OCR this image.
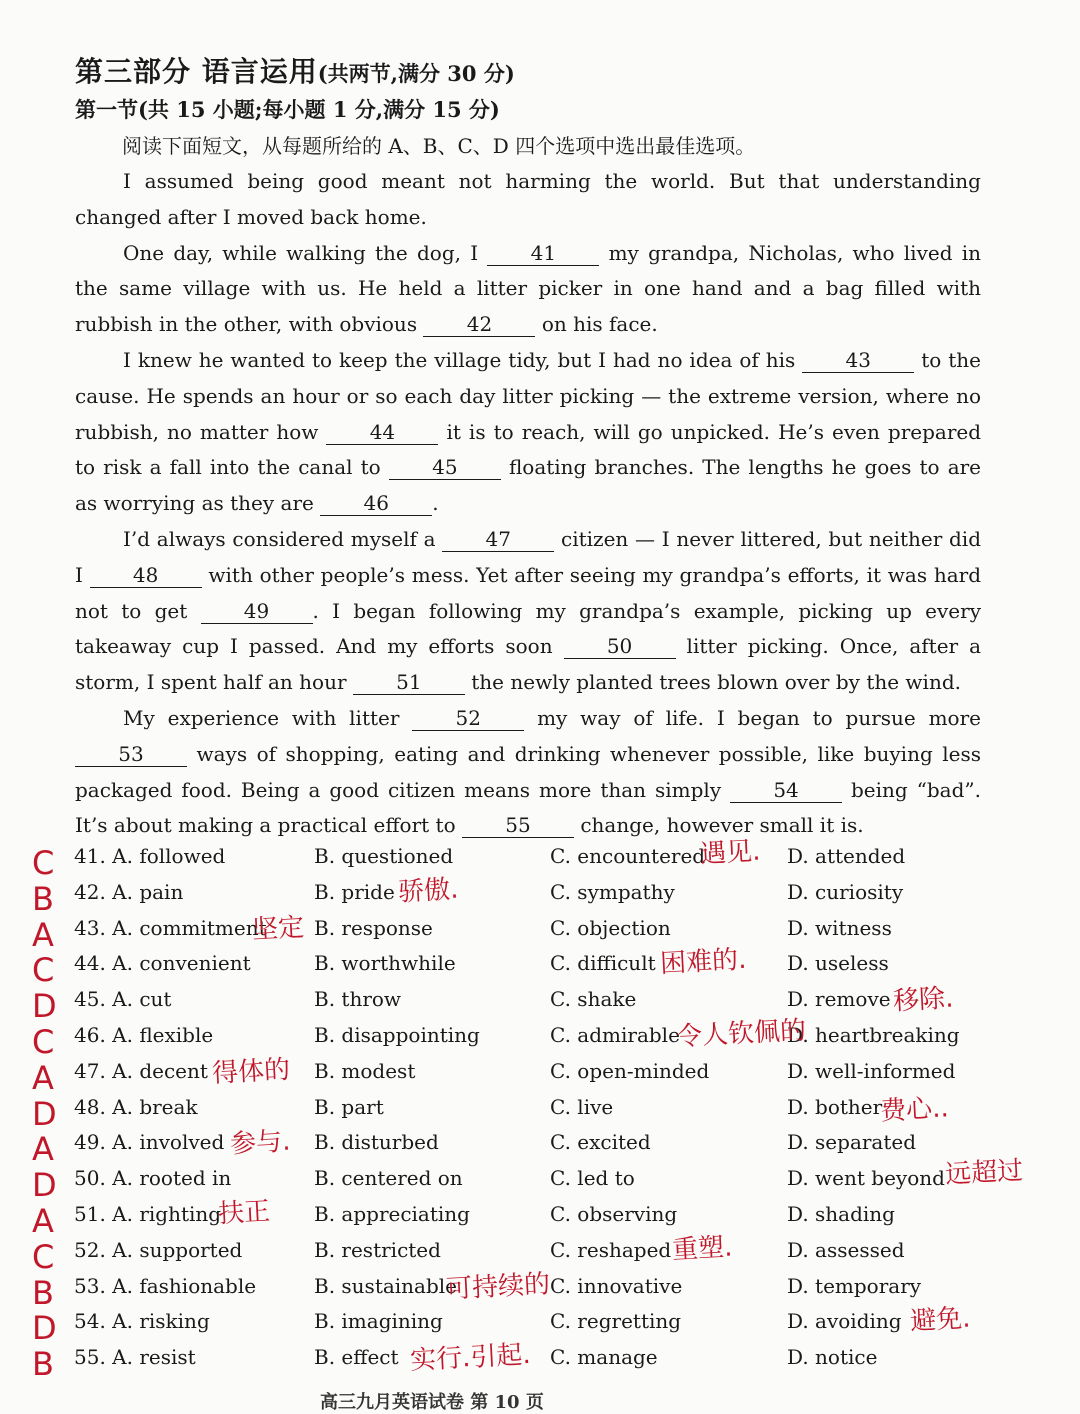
第三部分 语言运用(共两节,满分 30 分)
第一节(共 15 小题;每小题 1 分,满分 15 分)
阅读下面短文，从每题所给的 A、B、C、D 四个选项中选出最佳选项。

I assumed being good meant not harming the world. But that understanding changed after I moved back home.

One day, while walking the dog, I	41	my grandpa, Nicholas, who lived in the same village with us. He held a litter picker in one hand and a bag filled with rubbish in the other, with obvious 42 on his face.

I knew he wanted to keep the village tidy, but I had no idea of his	43	to the cause. He spends an hour or so each day litter picking — the extreme version, where no rubbish, no matter how	44	it is to reach, will go unpicked. He’s even prepared to risk a fall into the canal to	45	floating branches. The lengths he goes to are as worrying as they are 46 .

I’d always considered myself a 47	citizen — I never littered, but neither did I	48	with other people’s mess. Yet after seeing my grandpa’s efforts, it was hard not to get	49 . I began following my grandpa’s example, picking up every takeaway cup I passed. And my efforts soon	50	litter picking. Once, after a storm, I spent half an hour 51 the newly planted trees blown over by the wind.

My experience with litter	52	my way of life. I began to pursue more 53	ways of shopping, eating and drinking whenever possible, like buying less packaged food. Being a good citizen means more than simply	54	being “bad”. It’s about making a practical effort to 55 change, however small it is.

C 41. A. followed	B. questioned	C. encountered	D. attended
遇见.
B 42. A. pain	B. pride	C. sympathy	D. curiosity
骄傲.
A 43. A. commitment B. response	C. objection	D. witness
坚定
C 44. A. convenient	B. worthwhile	C. difficult	D. useless
困难的.
D 45. A. cut	B. throw	C. shake	D. remove 移除.
C 46. A. flexible	B. disappointing	C. admirable	D. heartbreaking
令人钦佩的
A 47. A. decent	B. modest	C. open-minded	D. well-informed
得体的
D 48. A. break	B. part	C. live	D. bother
费心..
A 49. A. involved	B. disturbed	C. excited	D. separated
参与.
D 50. A. rooted in	B. centered on	C. led to	D. went beyond 远超过
A 51. A. righting	B. appreciating	C. observing	D. shading
扶正
C 52. A. supported	B. restricted	C. reshaped	D. assessed
重塑.
B 53. A. fashionable	B. sustainable	C. innovative	D. temporary
可持续的
D 54. A. risking	B. imagining	C. regretting	D. avoiding 避免.
B 55. A. resist	B. effect	C. manage	D. notice
实行.引起.
高三九月英语试卷 第 10 页
